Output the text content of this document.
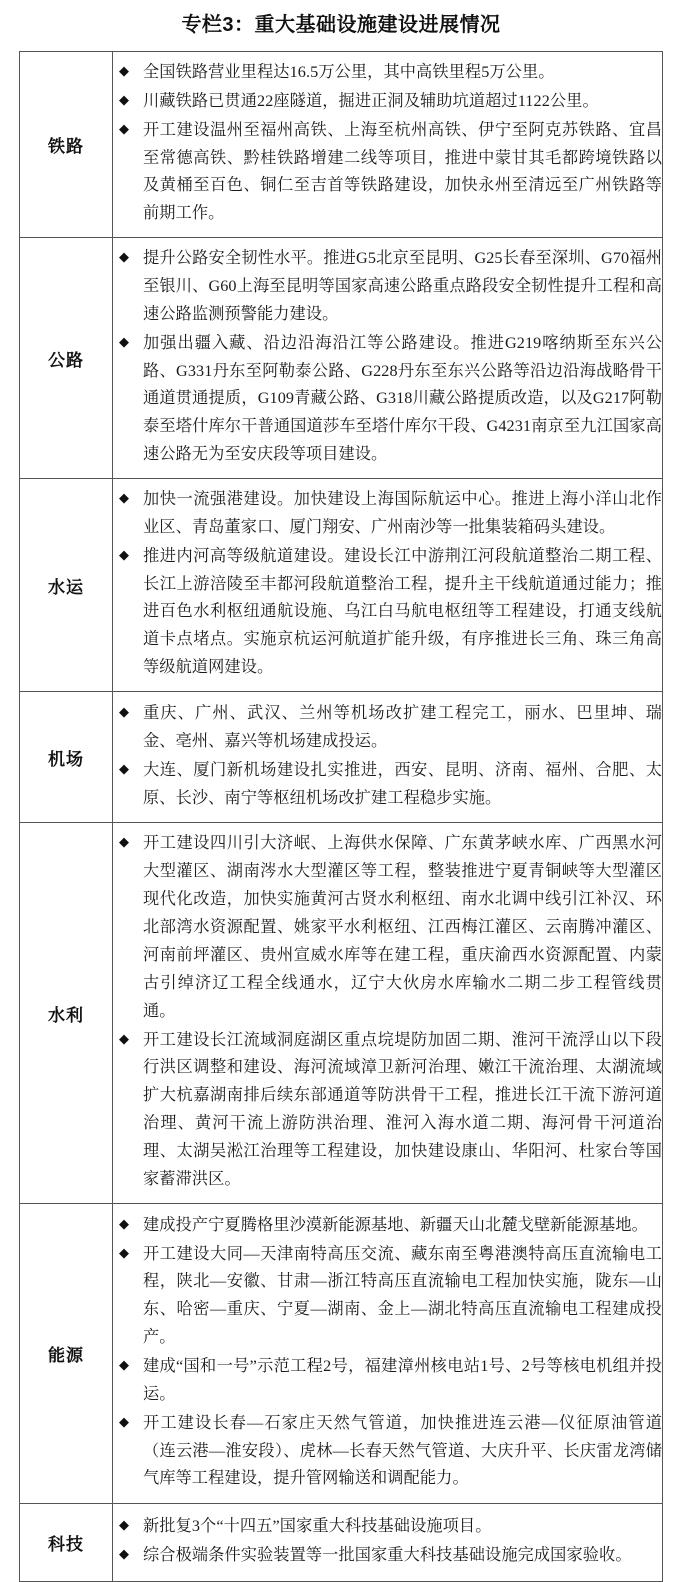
专栏3：重大基础设施建设进展情况
铁路	
◆ 全国铁路营业里程达16.5万公里，其中高铁里程5万公里。
◆ 川藏铁路已贯通22座隧道，掘进正洞及辅助坑道超过1122公里。
◆ 开工建设温州至福州高铁、上海至杭州高铁、伊宁至阿克苏铁路、宜昌至常德高铁、黔桂铁路增建二线等项目，推进中蒙甘其毛都跨境铁路以及黄桶至百色、铜仁至吉首等铁路建设，加快永州至清远至广州铁路等前期工作。

公路	
◆ 提升公路安全韧性水平。推进G5北京至昆明、G25长春至深圳、G70福州至银川、G60上海至昆明等国家高速公路重点路段安全韧性提升工程和高速公路监测预警能力建设。
◆ 加强出疆入藏、沿边沿海沿江等公路建设。推进G219喀纳斯至东兴公路、G331丹东至阿勒泰公路、G228丹东至东兴公路等沿边沿海战略骨干通道贯通提质，G109青藏公路、G318川藏公路提质改造，以及G217阿勒泰至塔什库尔干普通国道莎车至塔什库尔干段、G4231南京至九江国家高速公路无为至安庆段等项目建设。

水运	
◆ 加快一流强港建设。加快建设上海国际航运中心。推进上海小洋山北作业区、青岛董家口、厦门翔安、广州南沙等一批集装箱码头建设。
◆ 推进内河高等级航道建设。建设长江中游荆江河段航道整治二期工程、长江上游涪陵至丰都河段航道整治工程，提升主干线航道通过能力；推进百色水利枢纽通航设施、乌江白马航电枢纽等工程建设，打通支线航道卡点堵点。实施京杭运河航道扩能升级，有序推进长三角、珠三角高等级航道网建设。

机场	
◆ 重庆、广州、武汉、兰州等机场改扩建工程完工，丽水、巴里坤、瑞金、亳州、嘉兴等机场建成投运。
◆ 大连、厦门新机场建设扎实推进，西安、昆明、济南、福州、合肥、太原、长沙、南宁等枢纽机场改扩建工程稳步实施。

水利	
◆ 开工建设四川引大济岷、上海供水保障、广东黄茅峡水库、广西黑水河大型灌区、湖南涔水大型灌区等工程，整装推进宁夏青铜峡等大型灌区现代化改造，加快实施黄河古贤水利枢纽、南水北调中线引江补汉、环北部湾水资源配置、姚家平水利枢纽、江西梅江灌区、云南腾冲灌区、河南前坪灌区、贵州宣威水库等在建工程，重庆渝西水资源配置、内蒙古引绰济辽工程全线通水，辽宁大伙房水库输水二期二步工程管线贯通。
◆ 开工建设长江流域洞庭湖区重点垸堤防加固二期、淮河干流浮山以下段行洪区调整和建设、海河流域漳卫新河治理、嫩江干流治理、太湖流域扩大杭嘉湖南排后续东部通道等防洪骨干工程，推进长江干流下游河道治理、黄河干流上游防洪治理、淮河入海水道二期、海河骨干河道治理、太湖吴淞江治理等工程建设，加快建设康山、华阳河、杜家台等国家蓄滞洪区。

能源	
◆ 建成投产宁夏腾格里沙漠新能源基地、新疆天山北麓戈壁新能源基地。
◆ 开工建设大同—天津南特高压交流、藏东南至粤港澳特高压直流输电工程，陕北—安徽、甘肃—浙江特高压直流输电工程加快实施，陇东—山东、哈密—重庆、宁夏—湖南、金上—湖北特高压直流输电工程建成投产。
◆ 建成“国和一号”示范工程2号，福建漳州核电站1号、2号等核电机组并投运。
◆ 开工建设长春—石家庄天然气管道，加快推进连云港—仪征原油管道（连云港—淮安段）、虎林—长春天然气管道、大庆升平、长庆雷龙湾储气库等工程建设，提升管网输送和调配能力。

科技	
◆ 新批复3个“十四五”国家重大科技基础设施项目。
◆ 综合极端条件实验装置等一批国家重大科技基础设施完成国家验收。
